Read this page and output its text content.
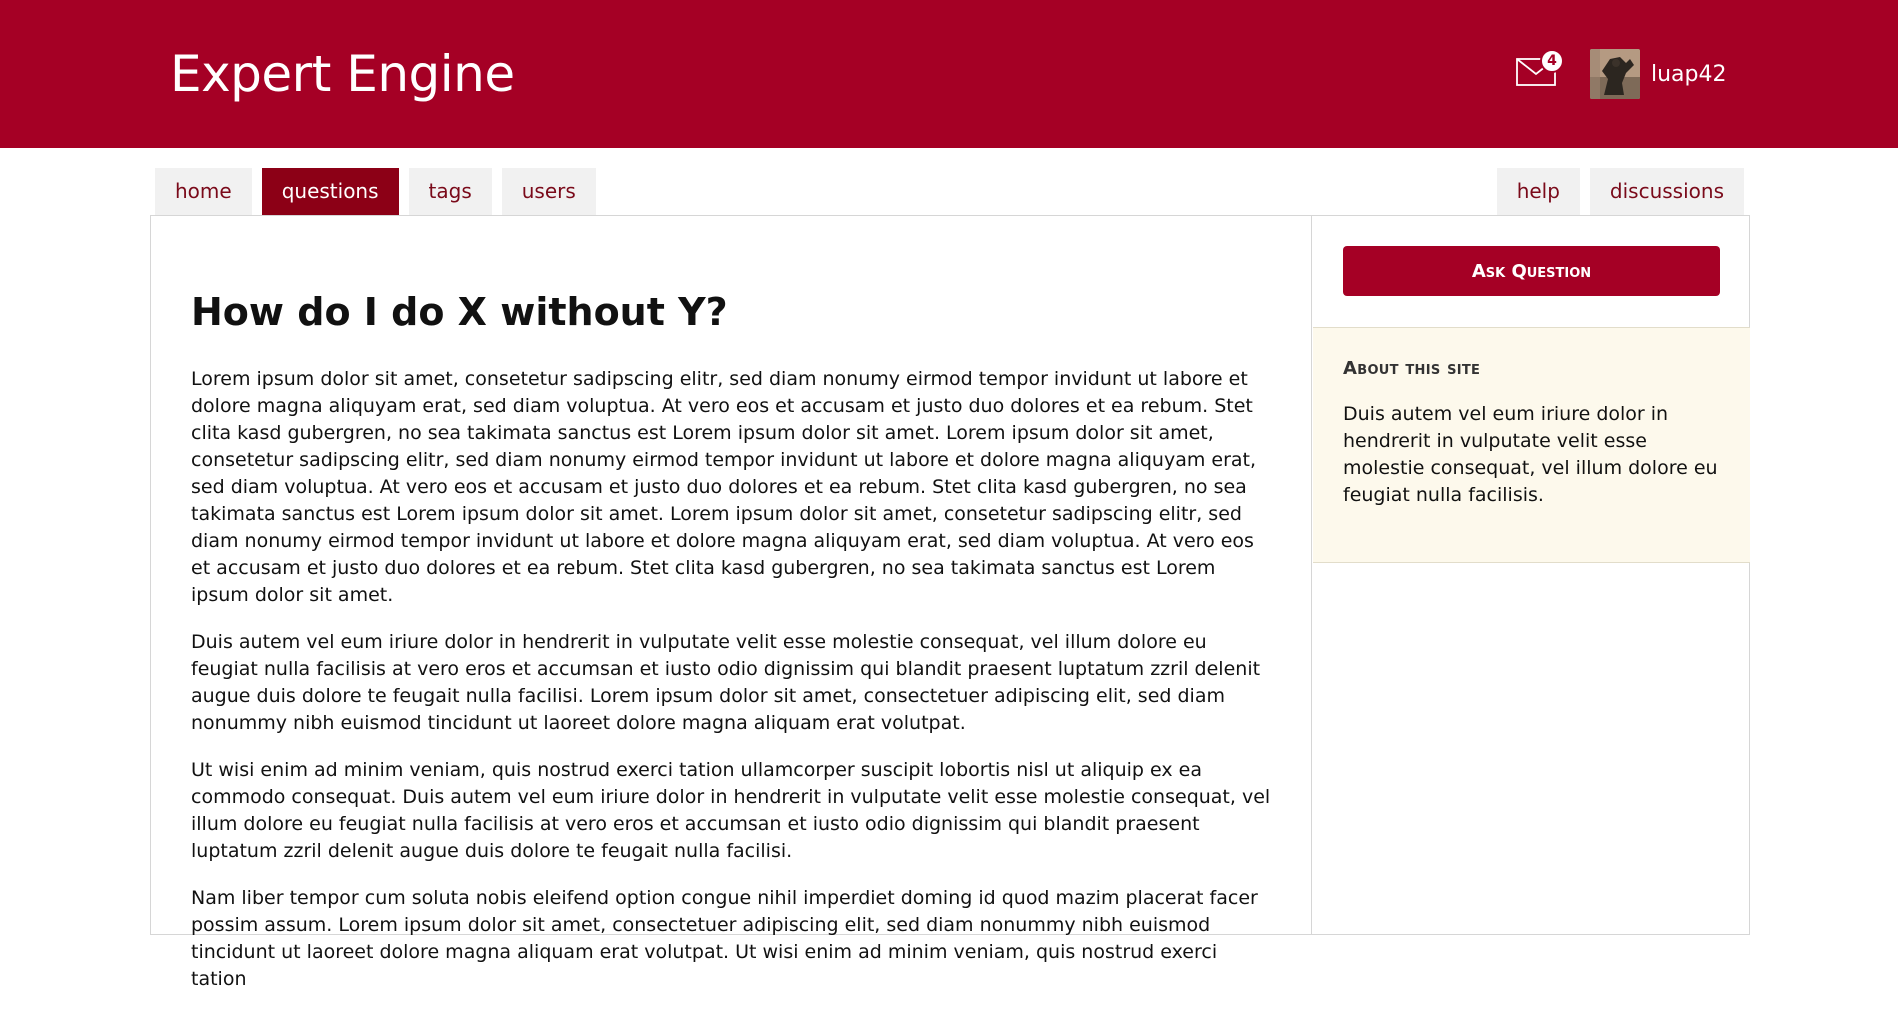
Expert Engine	4
luap42
home	questions	tags	users	help	discussions
How do I do X without Y?

Lorem ipsum dolor sit amet, consetetur sadipscing elitr, sed diam nonumy eirmod tempor invidunt ut labore et dolore magna aliquyam erat, sed diam voluptua. At vero eos et accusam et justo duo dolores et ea rebum. Stet clita kasd gubergren, no sea takimata sanctus est Lorem ipsum dolor sit amet. Lorem ipsum dolor sit amet, consetetur sadipscing elitr, sed diam nonumy eirmod tempor invidunt ut labore et dolore magna aliquyam erat, sed diam voluptua. At vero eos et accusam et justo duo dolores et ea rebum. Stet clita kasd gubergren, no sea takimata sanctus est Lorem ipsum dolor sit amet. Lorem ipsum dolor sit amet, consetetur sadipscing elitr, sed diam nonumy eirmod tempor invidunt ut labore et dolore magna aliquyam erat, sed diam voluptua. At vero eos et accusam et justo duo dolores et ea rebum. Stet clita kasd gubergren, no sea takimata sanctus est Lorem ipsum dolor sit amet.

Duis autem vel eum iriure dolor in hendrerit in vulputate velit esse molestie consequat, vel illum dolore eu feugiat nulla facilisis at vero eros et accumsan et iusto odio dignissim qui blandit praesent luptatum zzril delenit augue duis dolore te feugait nulla facilisi. Lorem ipsum dolor sit amet, consectetuer adipiscing elit, sed diam nonummy nibh euismod tincidunt ut laoreet dolore magna aliquam erat volutpat.

Ut wisi enim ad minim veniam, quis nostrud exerci tation ullamcorper suscipit lobortis nisl ut aliquip ex ea commodo consequat. Duis autem vel eum iriure dolor in hendrerit in vulputate velit esse molestie consequat, vel illum dolore eu feugiat nulla facilisis at vero eros et accumsan et iusto odio dignissim qui blandit praesent luptatum zzril delenit augue duis dolore te feugait nulla facilisi.

Nam liber tempor cum soluta nobis eleifend option congue nihil imperdiet doming id quod mazim placerat facer possim assum. Lorem ipsum dolor sit amet, consectetuer adipiscing elit, sed diam nonummy nibh euismod tincidunt ut laoreet dolore magna aliquam erat volutpat. Ut wisi enim ad minim veniam, quis nostrud exerci tation

Ask Question
About this site

Duis autem vel eum iriure dolor in hendrerit in vulputate velit esse molestie consequat, vel illum dolore eu feugiat nulla facilisis.
